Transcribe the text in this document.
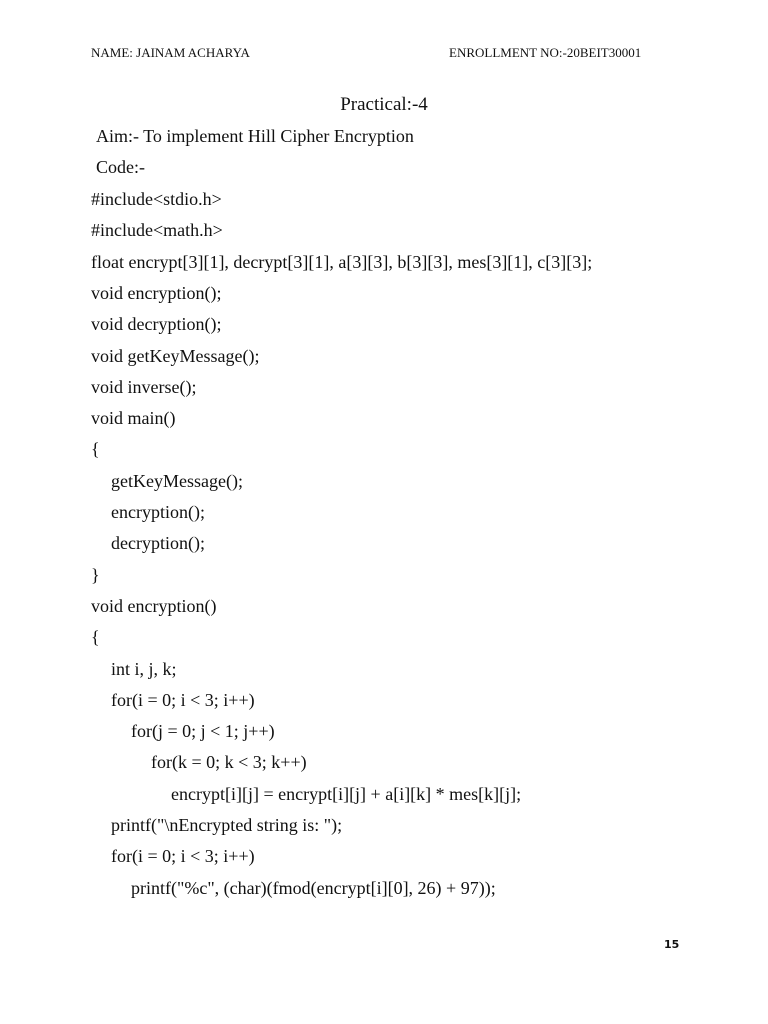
NAME: JAINAM ACHARYA	ENROLLMENT NO:-20BEIT30001
Practical:-4
Aim:- To implement Hill Cipher Encryption
Code:-
#include<stdio.h>
#include<math.h>
float encrypt[3][1], decrypt[3][1], a[3][3], b[3][3], mes[3][1], c[3][3];
void encryption();
void decryption();
void getKeyMessage();
void inverse();
void main()
{
getKeyMessage();
encryption();
decryption();
}
void encryption()
{
int i, j, k;
for(i = 0; i < 3; i++)
for(j = 0; j < 1; j++)
for(k = 0; k < 3; k++)
encrypt[i][j] = encrypt[i][j] + a[i][k] * mes[k][j];
printf("\nEncrypted string is: ");
for(i = 0; i < 3; i++)
printf("%c", (char)(fmod(encrypt[i][0], 26) + 97));
15
